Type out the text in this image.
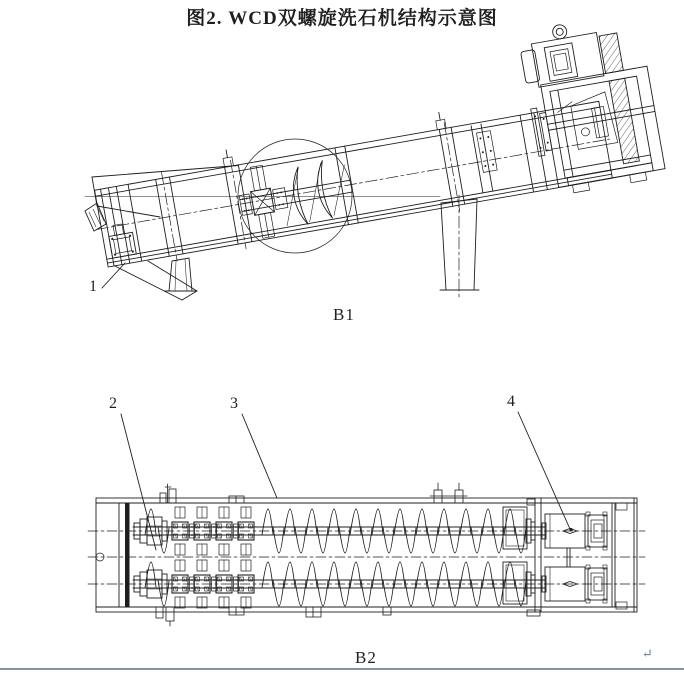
图2. WCD双螺旋洗石机结构示意图
1
2	3	4
B1
B2	↵
